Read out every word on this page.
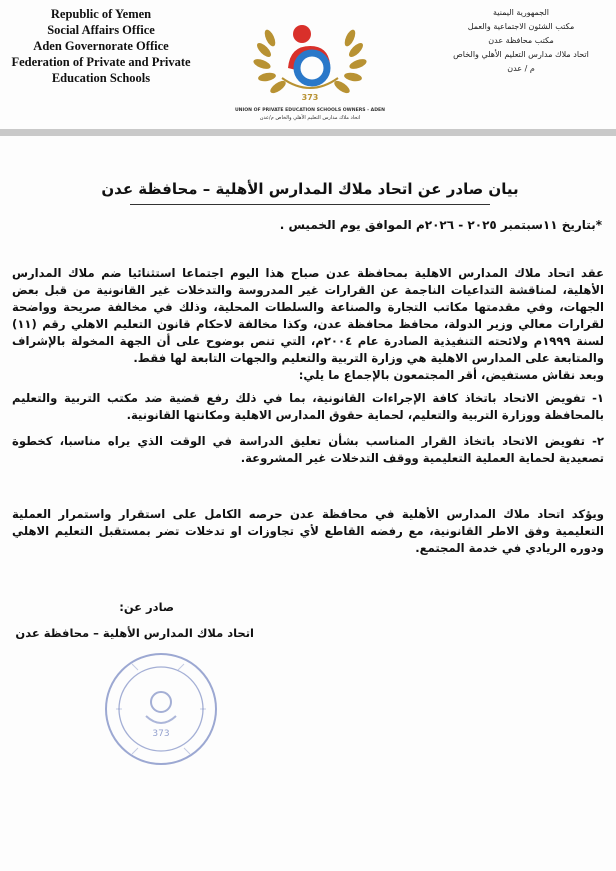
Republic of Yemen
Social Affairs Office
Aden Governorate Office
Federation of Private and Private
Education Schools
373
UNION OF PRIVATE EDUCATION SCHOOLS OWNERS - ADEN
اتحاد ملاك مدارس التعليم الأهلي والخاص م/عدن
الجمهورية اليمنية
مكتب الشئون الاجتماعية والعمل
مكتب محافظة عدن
اتحاد ملاك مدارس التعليم الأهلي والخاص
م / عدن
بيان صادر عن اتحاد ملاك المدارس الأهلية – محافظة عدن
*بتاريخ ١١سبتمبر ٢٠٢٥ - ٢٠٢٦م الموافق يوم الخميس .
عقد اتحاد ملاك المدارس الاهلية بمحافظة عدن صباح هذا اليوم اجتماعا استثنائيا ضم ملاك المدارس الأهلية، لمناقشة التداعيات الناجمة عن القرارات غير المدروسة والتدخلات غير القانونية من قبل بعض الجهات، وفي مقدمتها مكاتب التجارة والصناعة والسلطات المحلية، وذلك في مخالفة صريحة وواضحة لقرارات معالي وزير الدولة، محافظ محافظة عدن، وكذا مخالفة لاحكام قانون التعليم الاهلي رقم (١١) لسنة ١٩٩٩م ولائحته التنفيذية الصادرة عام ٢٠٠٤م، التي تنص بوضوح على أن الجهة المخولة بالإشراف والمتابعة على المدارس الاهلية هي وزارة التربية والتعليم والجهات التابعة لها فقط.
وبعد نقاش مستفيض، أقر المجتمعون بالإجماع ما يلي:
١- تفويض الاتحاد باتخاذ كافة الإجراءات القانونية، بما في ذلك رفع قضية ضد مكتب التربية والتعليم بالمحافظة ووزارة التربية والتعليم، لحماية حقوق المدارس الاهلية ومكانتها القانونية.
٢- تفويض الاتحاد باتخاذ القرار المناسب بشأن تعليق الدراسة في الوقت الذي يراه مناسبا، كخطوة تصعيدية لحماية العملية التعليمية ووقف التدخلات غير المشروعة.
ويؤكد اتحاد ملاك المدارس الأهلية في محافظة عدن حرصه الكامل على استقرار واستمرار العملية التعليمية وفق الاطر القانونية، مع رفضه القاطع لأي تجاوزات او تدخلات تضر بمستقبل التعليم الاهلي ودوره الريادي في خدمة المجتمع.
صادر عن:
اتحاد ملاك المدارس الأهلية – محافظة عدن
373
